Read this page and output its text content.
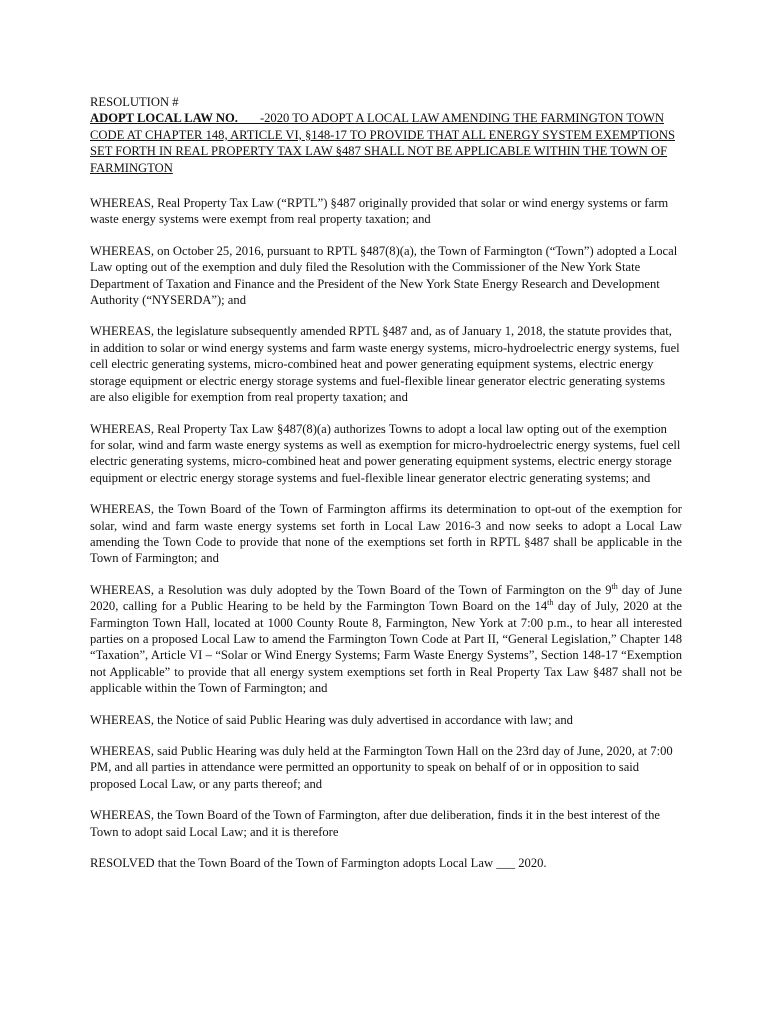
RESOLUTION #

ADOPT LOCAL LAW NO. ___-2020 TO ADOPT A LOCAL LAW AMENDING THE FARMINGTON TOWN CODE AT CHAPTER 148, ARTICLE VI, §148-17 TO PROVIDE THAT ALL ENERGY SYSTEM EXEMPTIONS SET FORTH IN REAL PROPERTY TAX LAW §487 SHALL NOT BE APPLICABLE WITHIN THE TOWN OF FARMINGTON

WHEREAS, Real Property Tax Law (“RPTL”) §487 originally provided that solar or wind energy systems or farm waste energy systems were exempt from real property taxation; and

WHEREAS, on October 25, 2016, pursuant to RPTL §487(8)(a), the Town of Farmington (“Town”) adopted a Local Law opting out of the exemption and duly filed the Resolution with the Commissioner of the New York State Department of Taxation and Finance and the President of the New York State Energy Research and Development Authority (“NYSERDA”); and

WHEREAS, the legislature subsequently amended RPTL §487 and, as of January 1, 2018, the statute provides that, in addition to solar or wind energy systems and farm waste energy systems, micro-hydroelectric energy systems, fuel cell electric generating systems, micro-combined heat and power generating equipment systems, electric energy storage equipment or electric energy storage systems and fuel-flexible linear generator electric generating systems are also eligible for exemption from real property taxation; and

WHEREAS, Real Property Tax Law §487(8)(a) authorizes Towns to adopt a local law opting out of the exemption for solar, wind and farm waste energy systems as well as exemption for micro-hydroelectric energy systems, fuel cell electric generating systems, micro-combined heat and power generating equipment systems, electric energy storage equipment or electric energy storage systems and fuel-flexible linear generator electric generating systems; and

WHEREAS, the Town Board of the Town of Farmington affirms its determination to opt-out of the exemption for solar, wind and farm waste energy systems set forth in Local Law 2016-3 and now seeks to adopt a Local Law amending the Town Code to provide that none of the exemptions set forth in RPTL §487 shall be applicable in the Town of Farmington; and

WHEREAS, a Resolution was duly adopted by the Town Board of the Town of Farmington on the 9th day of June 2020, calling for a Public Hearing to be held by the Farmington Town Board on the 14th day of July, 2020 at the Farmington Town Hall, located at 1000 County Route 8, Farmington, New York at 7:00 p.m., to hear all interested parties on a proposed Local Law to amend the Farmington Town Code at Part II, “General Legislation,” Chapter 148 “Taxation”, Article VI – “Solar or Wind Energy Systems; Farm Waste Energy Systems”, Section 148-17 “Exemption not Applicable” to provide that all energy system exemptions set forth in Real Property Tax Law §487 shall not be applicable within the Town of Farmington; and

WHEREAS, the Notice of said Public Hearing was duly advertised in accordance with law; and

WHEREAS, said Public Hearing was duly held at the Farmington Town Hall on the 23rd day of June, 2020, at 7:00 PM, and all parties in attendance were permitted an opportunity to speak on behalf of or in opposition to said proposed Local Law, or any parts thereof; and

WHEREAS, the Town Board of the Town of Farmington, after due deliberation, finds it in the best interest of the Town to adopt said Local Law; and it is therefore

RESOLVED that the Town Board of the Town of Farmington adopts Local Law ___ 2020.
